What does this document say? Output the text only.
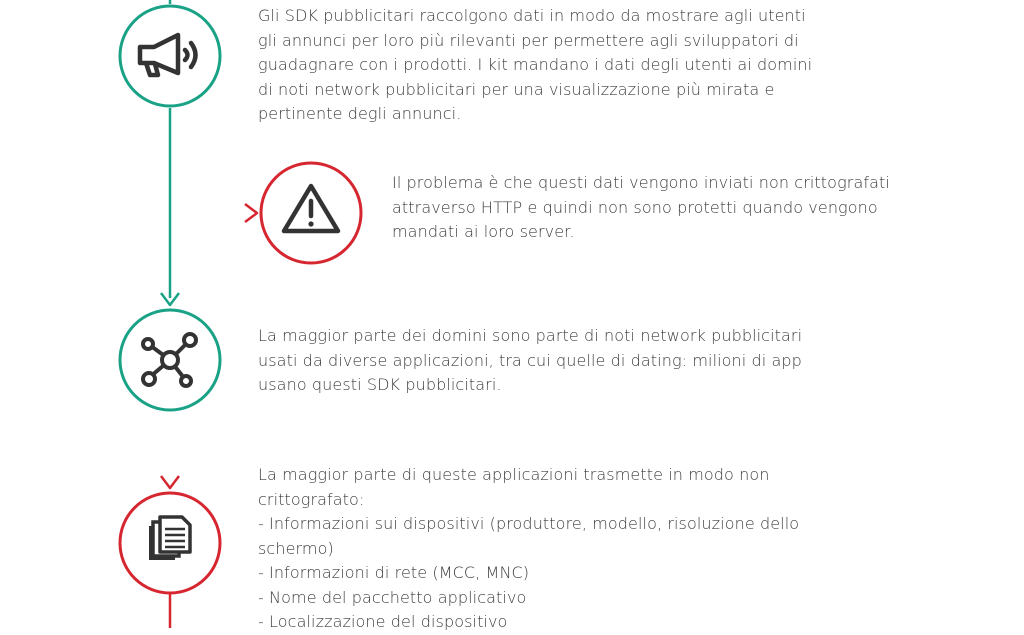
Gli SDK pubblicitari raccolgono dati in modo da mostrare agli utenti
gli annunci per loro più rilevanti per permettere agli sviluppatori di
guadagnare con i prodotti. I kit mandano i dati degli utenti ai domini
di noti network pubblicitari per una visualizzazione più mirata e
pertinente degli annunci.
Il problema è che questi dati vengono inviati non crittografati
attraverso HTTP e quindi non sono protetti quando vengono
mandati ai loro server.
La maggior parte dei domini sono parte di noti network pubblicitari
usati da diverse applicazioni, tra cui quelle di dating: milioni di app
usano questi SDK pubblicitari.
La maggior parte di queste applicazioni trasmette in modo non
crittografato:
- Informazioni sui dispositivi (produttore, modello, risoluzione dello
schermo)
- Informazioni di rete (MCC, MNC)
- Nome del pacchetto applicativo
- Localizzazione del dispositivo
